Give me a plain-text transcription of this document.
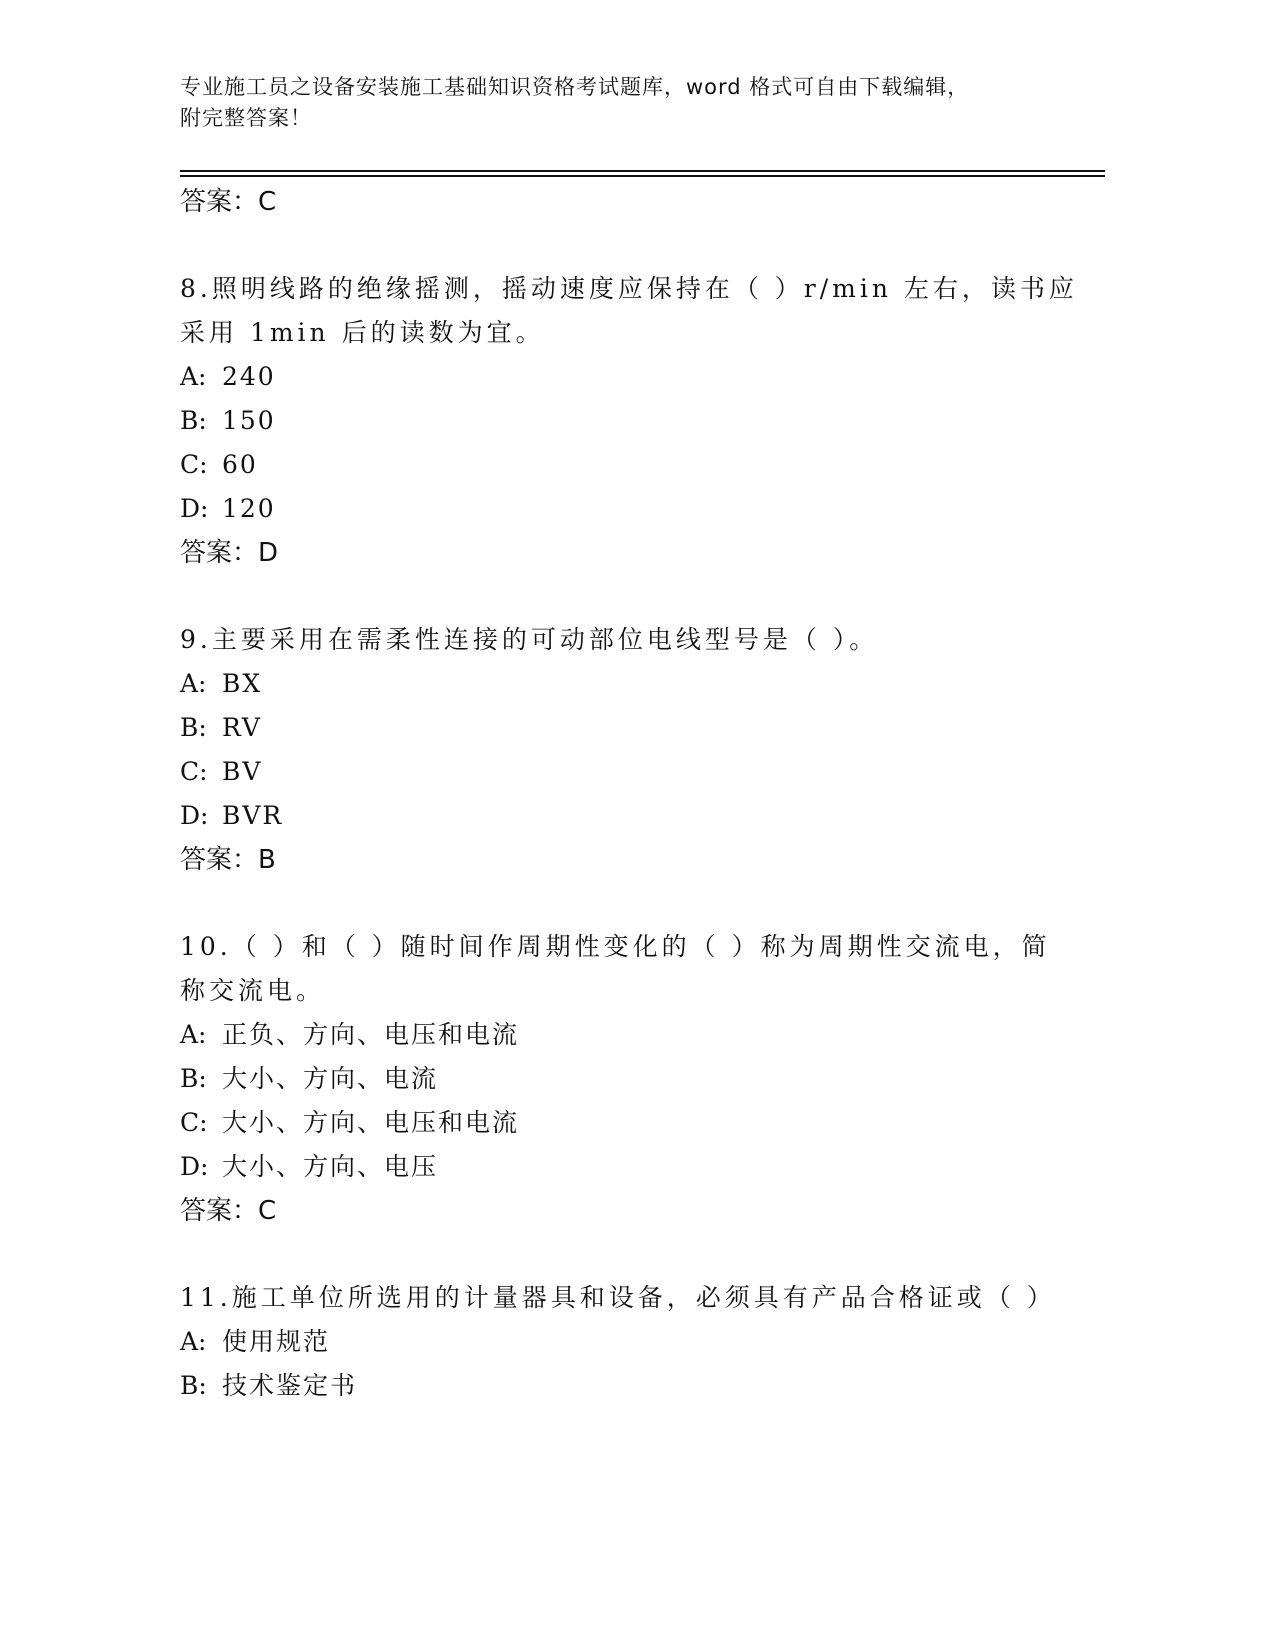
专业施工员之设备安装施工基础知识资格考试题库，word 格式可自由下载编辑，
附完整答案！
答案：C
8.照明线路的绝缘摇测，摇动速度应保持在（ ）r/min 左右，读书应
采用 1min 后的读数为宜。
A: 240
B: 150
C: 60
D: 120
答案：D
9.主要采用在需柔性连接的可动部位电线型号是（ ）。
A: BX
B: RV
C: BV
D: BVR
答案：B
10.（ ）和（ ）随时间作周期性变化的（ ）称为周期性交流电，简
称交流电。
A: 正负、方向、电压和电流
B: 大小、方向、电流
C: 大小、方向、电压和电流
D: 大小、方向、电压
答案：C
11.施工单位所选用的计量器具和设备，必须具有产品合格证或（ ）
A: 使用规范
B: 技术鉴定书
